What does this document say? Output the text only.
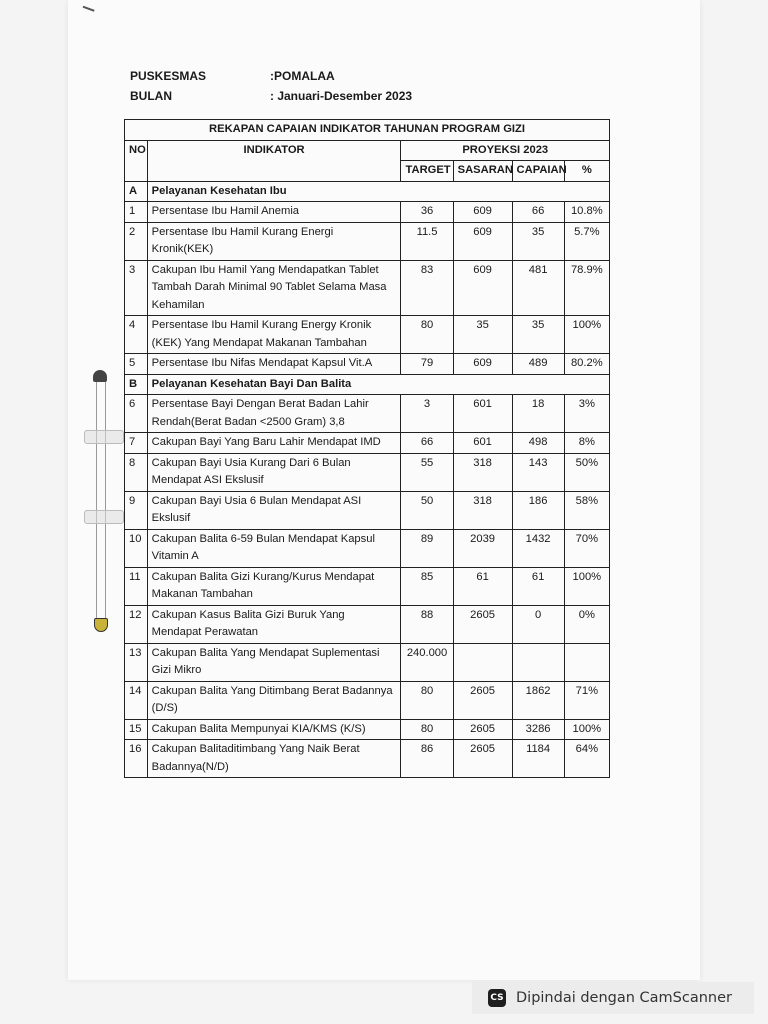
PUSKESMAS	:POMALAA
BULAN	: Januari-Desember 2023
REKAPAN CAPAIAN INDIKATOR TAHUNAN PROGRAM GIZI					
NO	INDIKATOR	PROYEKSI 2023			
		TARGET	SASARAN	CAPAIAN	%
A	Pelayanan Kesehatan Ibu				
1	Persentase Ibu Hamil Anemia	36	609	66	10.8%
2	Persentase Ibu Hamil Kurang Energi Kronik(KEK)	11.5	609	35	5.7%
3	Cakupan Ibu Hamil Yang Mendapatkan Tablet Tambah Darah Minimal 90 Tablet Selama Masa Kehamilan	83	609	481	78.9%
4	Persentase Ibu Hamil Kurang Energy Kronik (KEK) Yang Mendapat Makanan Tambahan	80	35	35	100%
5	Persentase Ibu Nifas Mendapat Kapsul Vit.A	79	609	489	80.2%
B	Pelayanan Kesehatan Bayi Dan Balita				
6	Persentase Bayi Dengan Berat Badan Lahir Rendah(Berat Badan <2500 Gram) 3,8	3	601	18	3%
7	Cakupan Bayi Yang Baru Lahir Mendapat IMD	66	601	498	8%
8	Cakupan Bayi Usia Kurang Dari 6 Bulan Mendapat ASI Ekslusif	55	318	143	50%
9	Cakupan Bayi Usia 6 Bulan Mendapat ASI Ekslusif	50	318	186	58%
10	Cakupan Balita 6-59 Bulan Mendapat Kapsul Vitamin A	89	2039	1432	70%
11	Cakupan Balita Gizi Kurang/Kurus Mendapat Makanan Tambahan	85	61	61	100%
12	Cakupan Kasus Balita Gizi Buruk Yang Mendapat Perawatan	88	2605	0	0%
13	Cakupan Balita Yang Mendapat Suplementasi Gizi Mikro	240.000			
14	Cakupan Balita Yang Ditimbang Berat Badannya (D/S)	80	2605	1862	71%
15	Cakupan Balita Mempunyai KIA/KMS (K/S)	80	2605	3286	100%
16	Cakupan Balitaditimbang Yang Naik Berat Badannya(N/D)	86	2605	1184	64%
CS Dipindai dengan CamScanner
